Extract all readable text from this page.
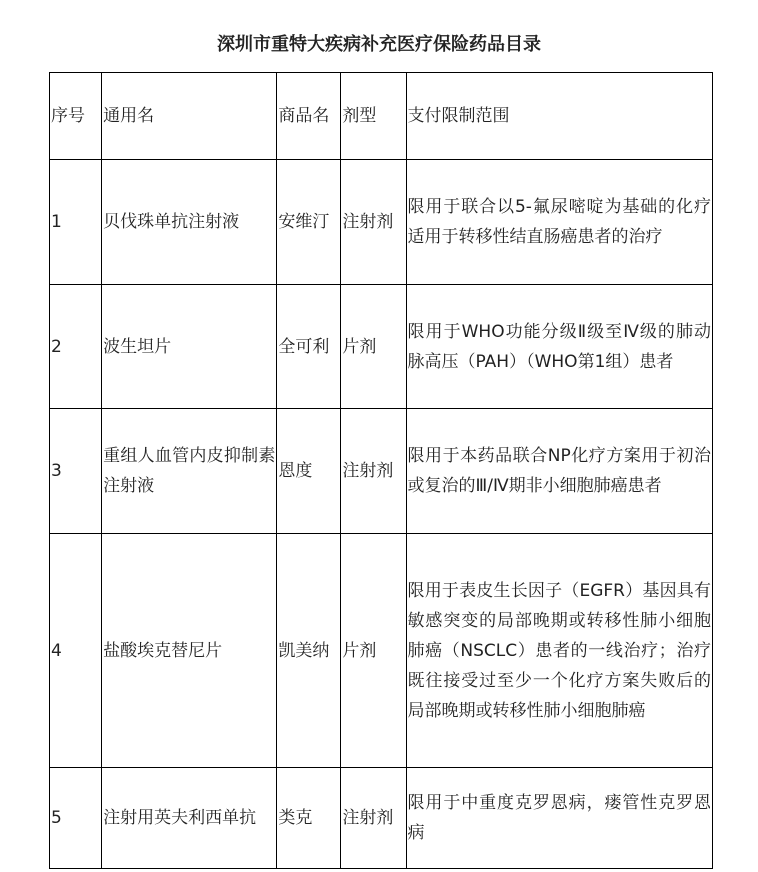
深圳市重特大疾病补充医疗保险药品目录
序号	通用名	商品名	剂型	支付限制范围
1	贝伐珠单抗注射液	安维汀	注射剂	限用于联合以5-氟尿嘧啶为基础的化疗适用于转移性结直肠癌患者的治疗
2	波生坦片	全可利	片剂	限用于WHO功能分级Ⅱ级至Ⅳ级的肺动脉高压（PAH）（WHO第1组）患者
3	重组人血管内皮抑制素注射液	恩度	注射剂	限用于本药品联合NP化疗方案用于初治或复治的Ⅲ/Ⅳ期非小细胞肺癌患者
4	盐酸埃克替尼片	凯美纳	片剂	限用于表皮生长因子（EGFR）基因具有敏感突变的局部晚期或转移性肺小细胞肺癌（NSCLC）患者的一线治疗；治疗既往接受过至少一个化疗方案失败后的局部晚期或转移性肺小细胞肺癌
5	注射用英夫利西单抗	类克	注射剂	限用于中重度克罗恩病，瘘管性克罗恩病
